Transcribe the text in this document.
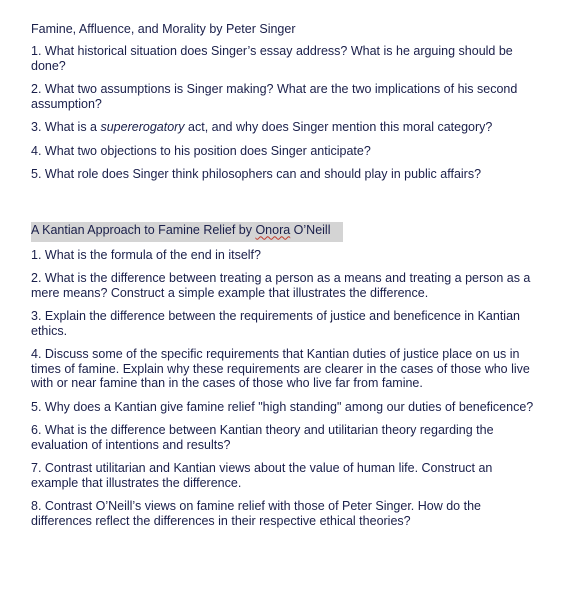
Famine, Affluence, and Morality by Peter Singer

1. What historical situation does Singer’s essay address? What is he arguing should be done?

2. What two assumptions is Singer making? What are the two implications of his second assumption?

3. What is a supererogatory act, and why does Singer mention this moral category?

4. What two objections to his position does Singer anticipate?

5. What role does Singer think philosophers can and should play in public affairs?

A Kantian Approach to Famine Relief by Onora O’Neill

1. What is the formula of the end in itself?

2. What is the difference between treating a person as a means and treating a person as a mere means? Construct a simple example that illustrates the difference.

3. Explain the difference between the requirements of justice and beneficence in Kantian ethics.

4. Discuss some of the specific requirements that Kantian duties of justice place on us in times of famine. Explain why these requirements are clearer in the cases of those who live with or near famine than in the cases of those who live far from famine.

5. Why does a Kantian give famine relief "high standing" among our duties of beneficence?

6. What is the difference between Kantian theory and utilitarian theory regarding the evaluation of intentions and results?

7. Contrast utilitarian and Kantian views about the value of human life. Construct an example that illustrates the difference.

8. Contrast O’Neill’s views on famine relief with those of Peter Singer. How do the differences reflect the differences in their respective ethical theories?
